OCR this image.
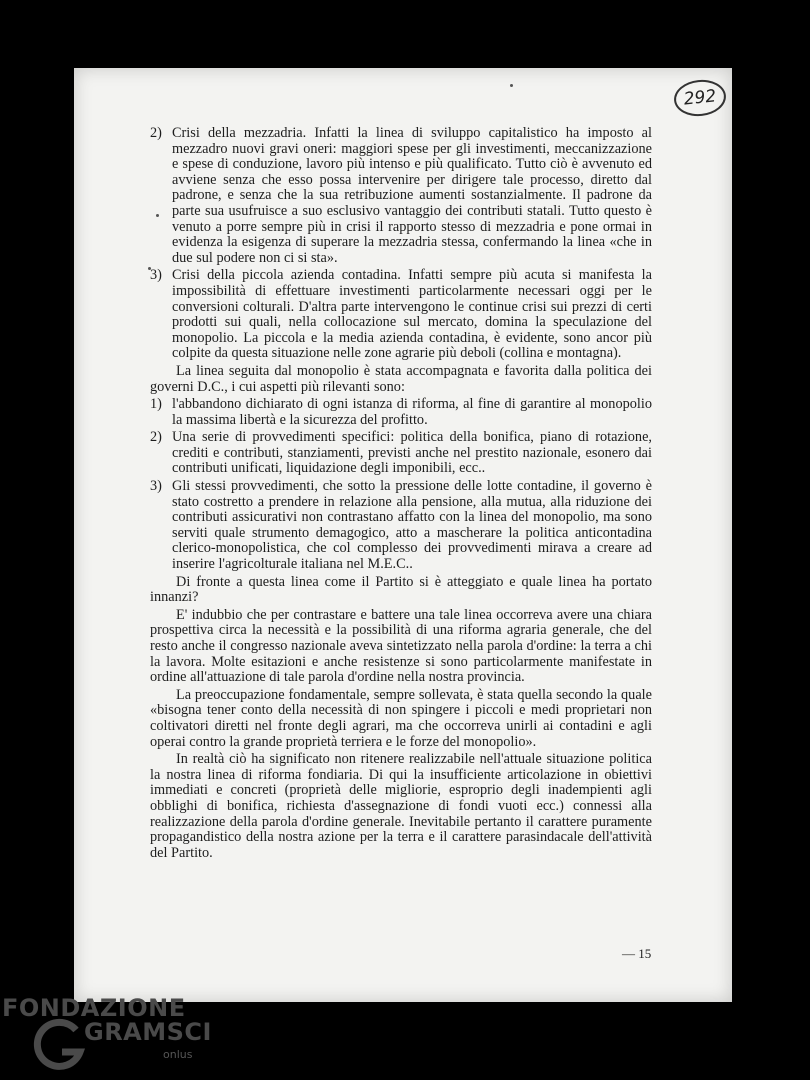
292
2) Crisi della mezzadria. Infatti la linea di sviluppo capitalistico ha imposto al mezzadro nuovi gravi oneri: maggiori spese per gli investimenti, meccanizzazione e spese di conduzione, lavoro più intenso e più qualificato. Tutto ciò è avvenuto ed avviene senza che esso possa intervenire per dirigere tale processo, diretto dal padrone, e senza che la sua retribuzione aumenti sostanzialmente. Il padrone da parte sua usufruisce a suo esclusivo vantaggio dei contributi statali. Tutto questo è venuto a porre sempre più in crisi il rapporto stesso di mezzadria e pone ormai in evidenza la esigenza di superare la mezzadria stessa, confermando la linea «che in due sul podere non ci si sta».
3) Crisi della piccola azienda contadina. Infatti sempre più acuta si manifesta la impossibilità di effettuare investimenti particolarmente necessari oggi per le conversioni colturali. D'altra parte intervengono le continue crisi sui prezzi di certi prodotti sui quali, nella collocazione sul mercato, domina la speculazione del monopolio. La piccola e la media azienda contadina, è evidente, sono ancor più colpite da questa situazione nelle zone agrarie più deboli (collina e montagna).

La linea seguita dal monopolio è stata accompagnata e favorita dalla politica dei governi D.C., i cui aspetti più rilevanti sono:

1) l'abbandono dichiarato di ogni istanza di riforma, al fine di garantire al monopolio la massima libertà e la sicurezza del profitto.
2) Una serie di provvedimenti specifici: politica della bonifica, piano di rotazione, crediti e contributi, stanziamenti, previsti anche nel prestito nazionale, esonero dai contributi unificati, liquidazione degli imponibili, ecc..
3) Gli stessi provvedimenti, che sotto la pressione delle lotte contadine, il governo è stato costretto a prendere in relazione alla pensione, alla mutua, alla riduzione dei contributi assicurativi non contrastano affatto con la linea del monopolio, ma sono serviti quale strumento demagogico, atto a mascherare la politica anticontadina clerico-monopolistica, che col complesso dei provvedimenti mirava a creare ad inserire l'agricolturale italiana nel M.E.C..

Di fronte a questa linea come il Partito si è atteggiato e quale linea ha portato innanzi?

E' indubbio che per contrastare e battere una tale linea occorreva avere una chiara prospettiva circa la necessità e la possibilità di una riforma agraria generale, che del resto anche il congresso nazionale aveva sintetizzato nella parola d'ordine: la terra a chi la lavora. Molte esitazioni e anche resistenze si sono particolarmente manifestate in ordine all'attuazione di tale parola d'ordine nella nostra provincia.

La preoccupazione fondamentale, sempre sollevata, è stata quella secondo la quale «bisogna tener conto della necessità di non spingere i piccoli e medi proprietari non coltivatori diretti nel fronte degli agrari, ma che occorreva unirli ai contadini e agli operai contro la grande proprietà terriera e le forze del monopolio».

In realtà ciò ha significato non ritenere realizzabile nell'attuale situazione politica la nostra linea di riforma fondiaria. Di qui la insufficiente articolazione in obiettivi immediati e concreti (proprietà delle migliorie, esproprio degli inadempienti agli obblighi di bonifica, richiesta d'assegnazione di fondi vuoti ecc.) connessi alla realizzazione della parola d'ordine generale. Inevitabile pertanto il carattere puramente propagandistico della nostra azione per la terra e il carattere parasindacale dell'attività del Partito.

— 15
FONDAZIONE
GRAMSCI
onlus
